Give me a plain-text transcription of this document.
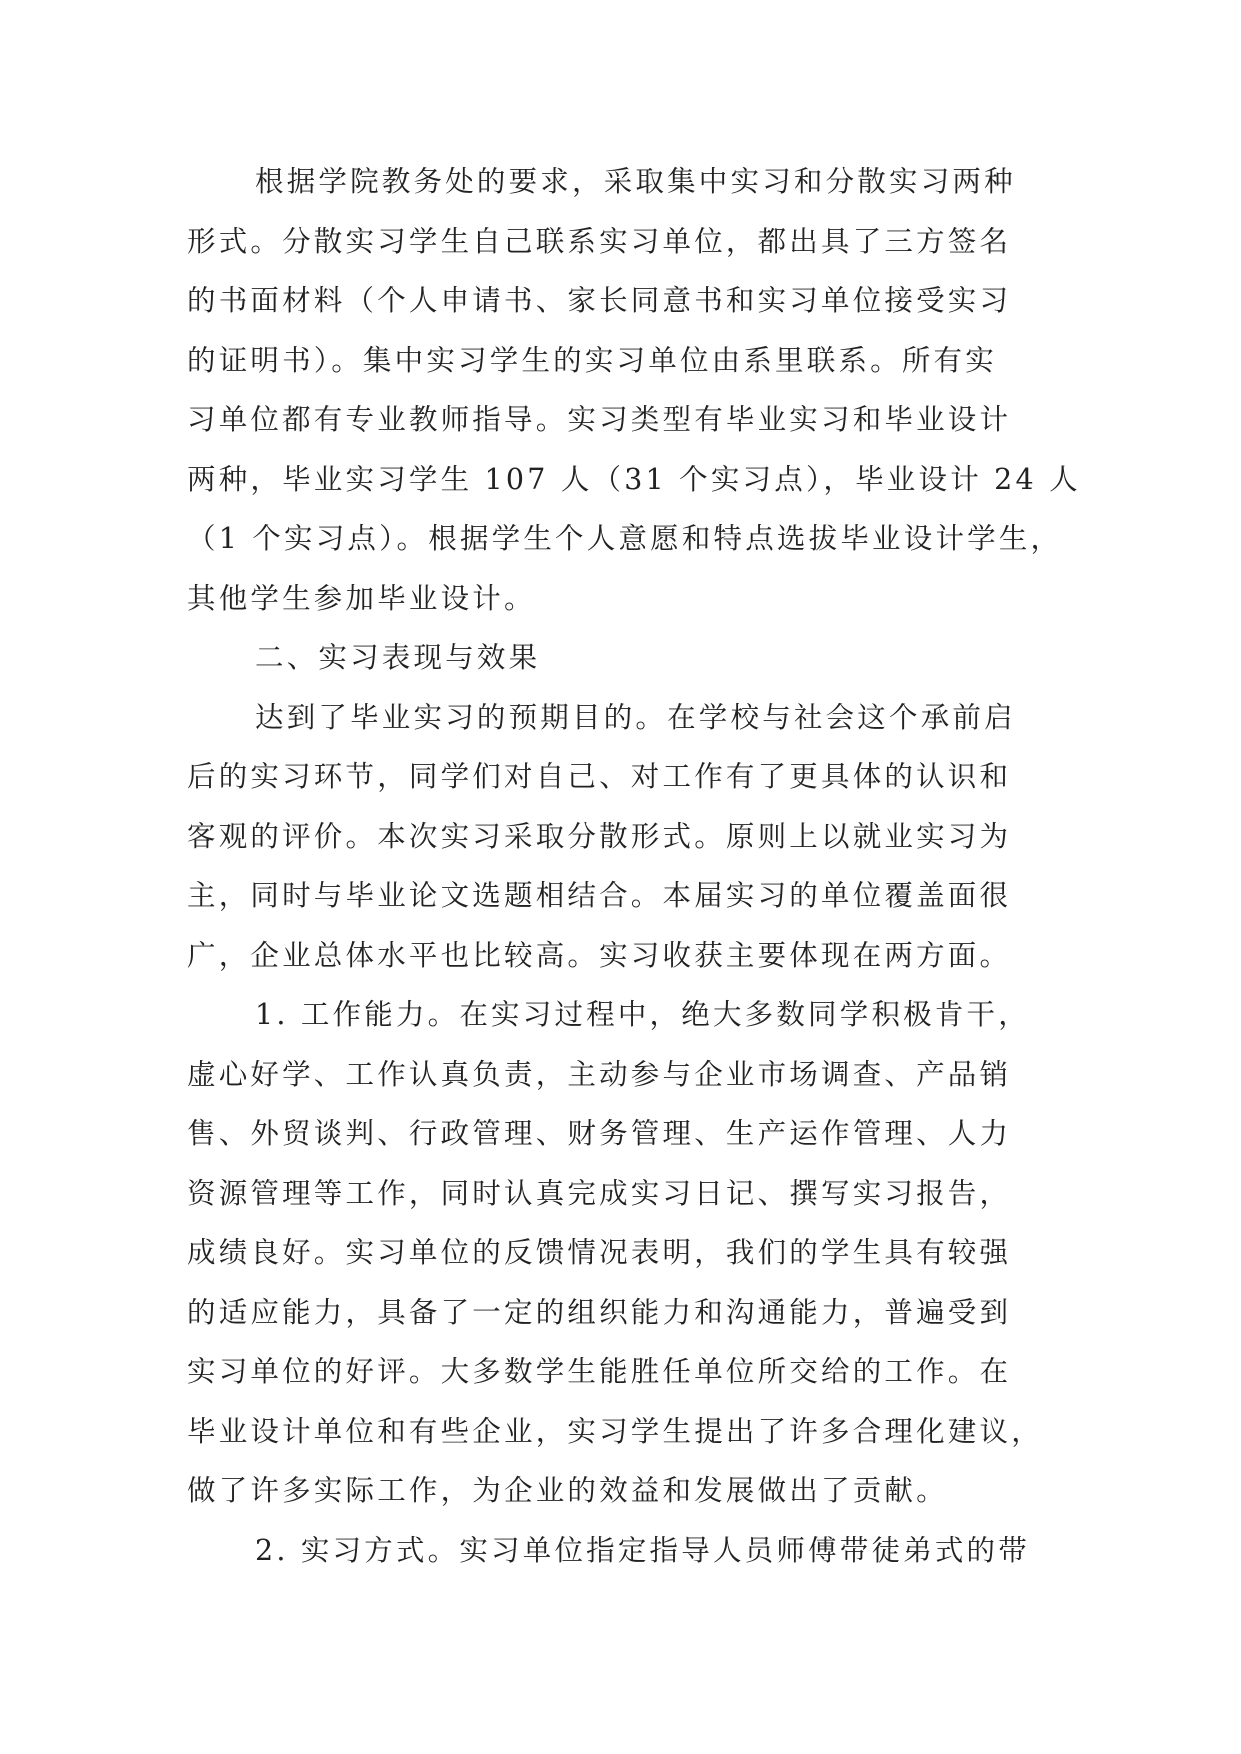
根据学院教务处的要求，采取集中实习和分散实习两种
形式。分散实习学生自己联系实习单位，都出具了三方签名
的书面材料（个人申请书、家长同意书和实习单位接受实习
的证明书）。集中实习学生的实习单位由系里联系。所有实
习单位都有专业教师指导。实习类型有毕业实习和毕业设计
两种，毕业实习学生 107 人（31 个实习点），毕业设计 24 人
（1 个实习点）。根据学生个人意愿和特点选拔毕业设计学生，
其他学生参加毕业设计。
二、实习表现与效果
达到了毕业实习的预期目的。在学校与社会这个承前启
后的实习环节，同学们对自己、对工作有了更具体的认识和
客观的评价。本次实习采取分散形式。原则上以就业实习为
主，同时与毕业论文选题相结合。本届实习的单位覆盖面很
广，企业总体水平也比较高。实习收获主要体现在两方面。
1. 工作能力。在实习过程中，绝大多数同学积极肯干，
虚心好学、工作认真负责，主动参与企业市场调查、产品销
售、外贸谈判、行政管理、财务管理、生产运作管理、人力
资源管理等工作，同时认真完成实习日记、撰写实习报告，
成绩良好。实习单位的反馈情况表明，我们的学生具有较强
的适应能力，具备了一定的组织能力和沟通能力，普遍受到
实习单位的好评。大多数学生能胜任单位所交给的工作。在
毕业设计单位和有些企业，实习学生提出了许多合理化建议，
做了许多实际工作，为企业的效益和发展做出了贡献。
2. 实习方式。实习单位指定指导人员师傅带徒弟式的带
